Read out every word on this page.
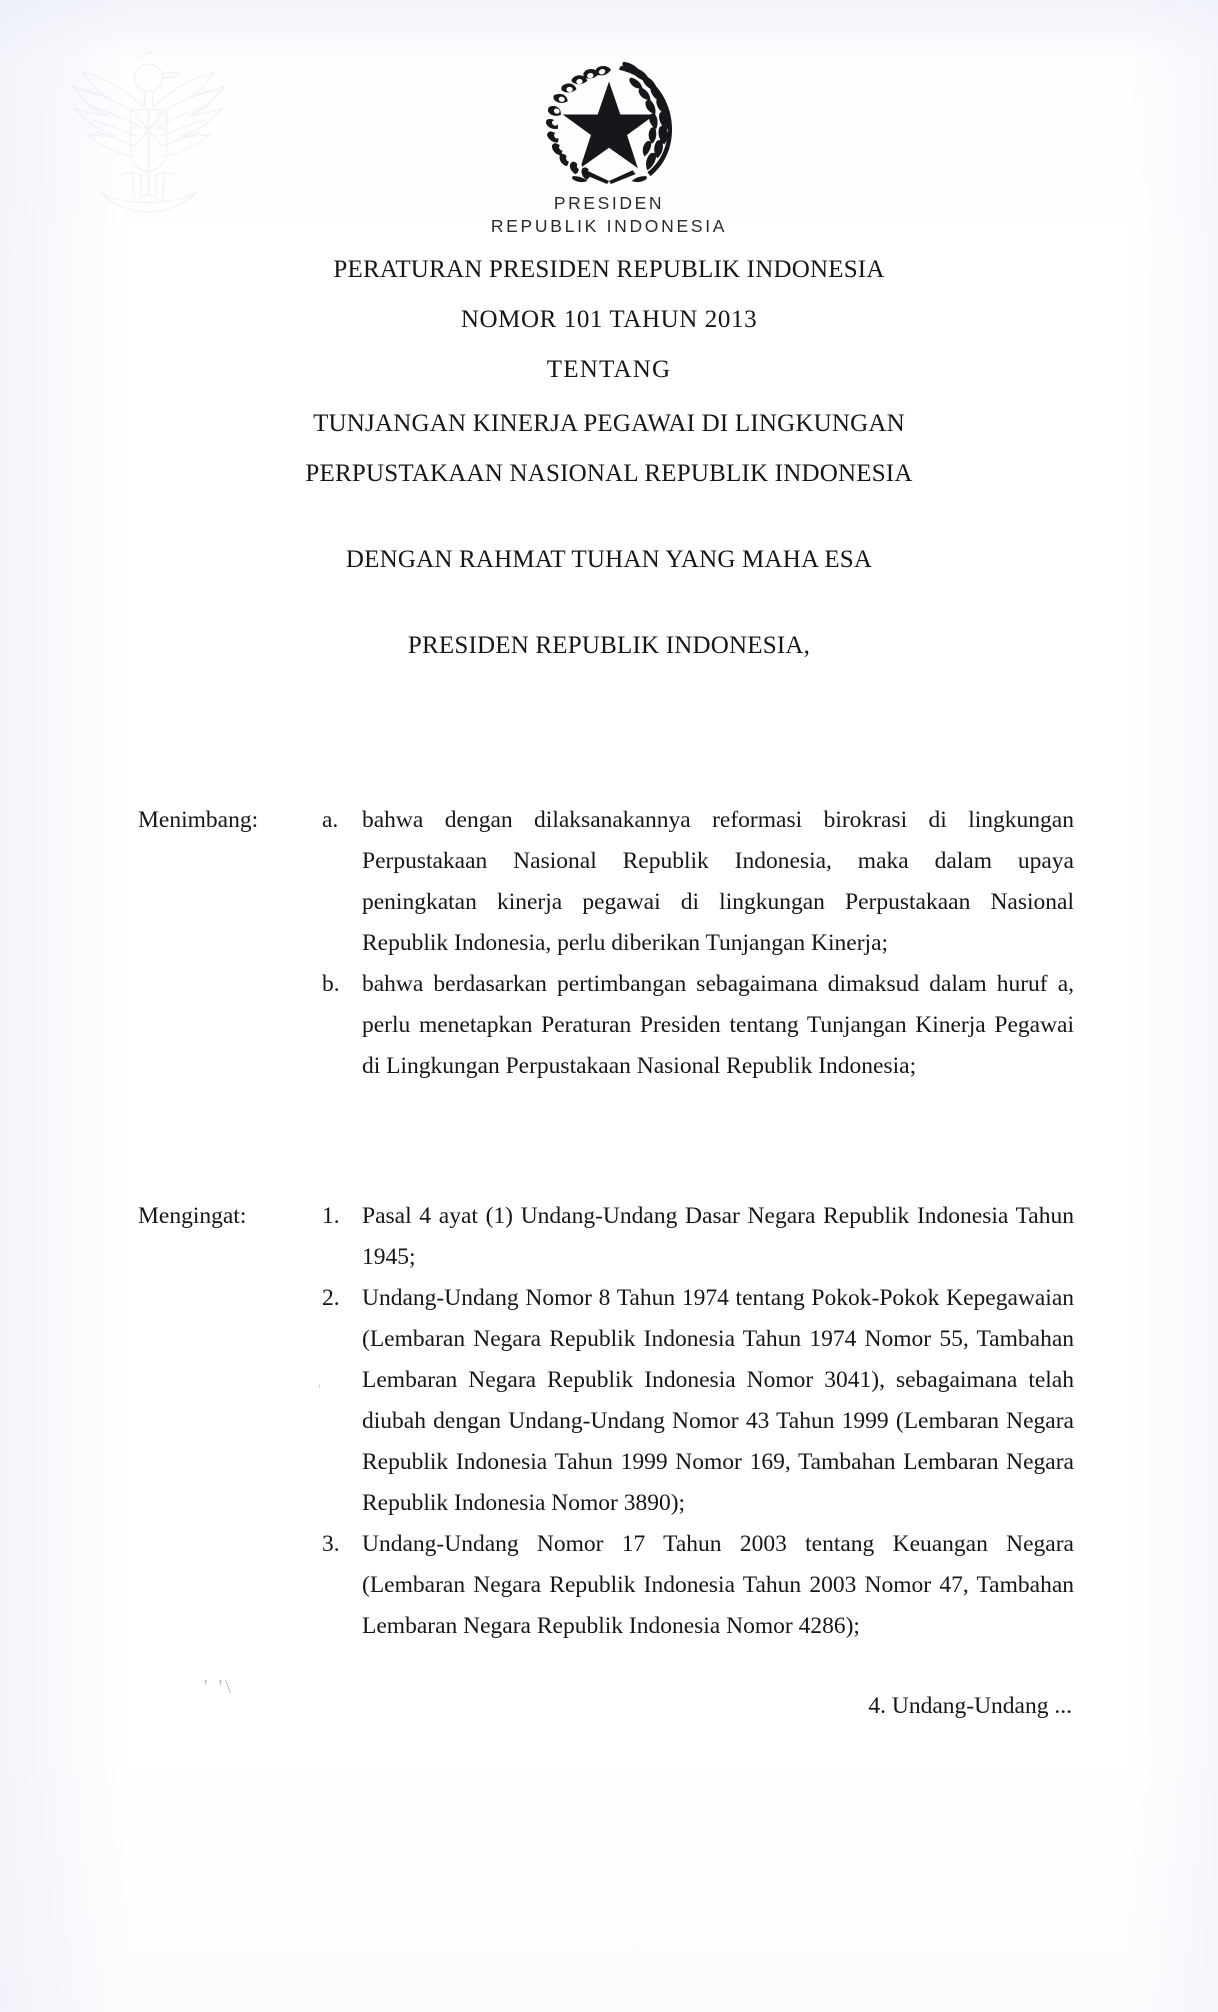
PRESIDEN
REPUBLIK INDONESIA
PERATURAN PRESIDEN REPUBLIK INDONESIA
NOMOR 101 TAHUN 2013
TENTANG
TUNJANGAN KINERJA PEGAWAI DI LINGKUNGAN
PERPUSTAKAAN NASIONAL REPUBLIK INDONESIA
DENGAN RAHMAT TUHAN YANG MAHA ESA
PRESIDEN REPUBLIK INDONESIA,
Menimbang:	a.	bahwa dengan dilaksanakannya reformasi birokrasi di lingkungan Perpustakaan Nasional Republik Indonesia, maka dalam upaya peningkatan kinerja pegawai di lingkungan Perpustakaan Nasional Republik Indonesia, perlu diberikan Tunjangan Kinerja;
b. bahwa berdasarkan pertimbangan sebagaimana dimaksud dalam huruf a, perlu menetapkan Peraturan Presiden tentang Tunjangan Kinerja Pegawai di Lingkungan Perpustakaan Nasional Republik Indonesia;
Mengingat:	1. Pasal 4 ayat (1) Undang-Undang Dasar Negara Republik Indonesia Tahun 1945;
2. Undang-Undang Nomor 8 Tahun 1974 tentang Pokok-Pokok Kepegawaian (Lembaran Negara Republik Indonesia Tahun 1974 Nomor 55, Tambahan Lembaran Negara Republik Indonesia Nomor 3041), sebagaimana telah diubah dengan Undang-Undang Nomor 43 Tahun 1999 (Lembaran Negara Republik Indonesia Tahun 1999 Nomor 169, Tambahan Lembaran Negara Republik Indonesia Nomor 3890);
3. Undang-Undang Nomor 17 Tahun 2003 tentang Keuangan Negara (Lembaran Negara Republik Indonesia Tahun 2003 Nomor 47, Tambahan Lembaran Negara Republik Indonesia Nomor 4286);
'
' '\
4. Undang-Undang ...
